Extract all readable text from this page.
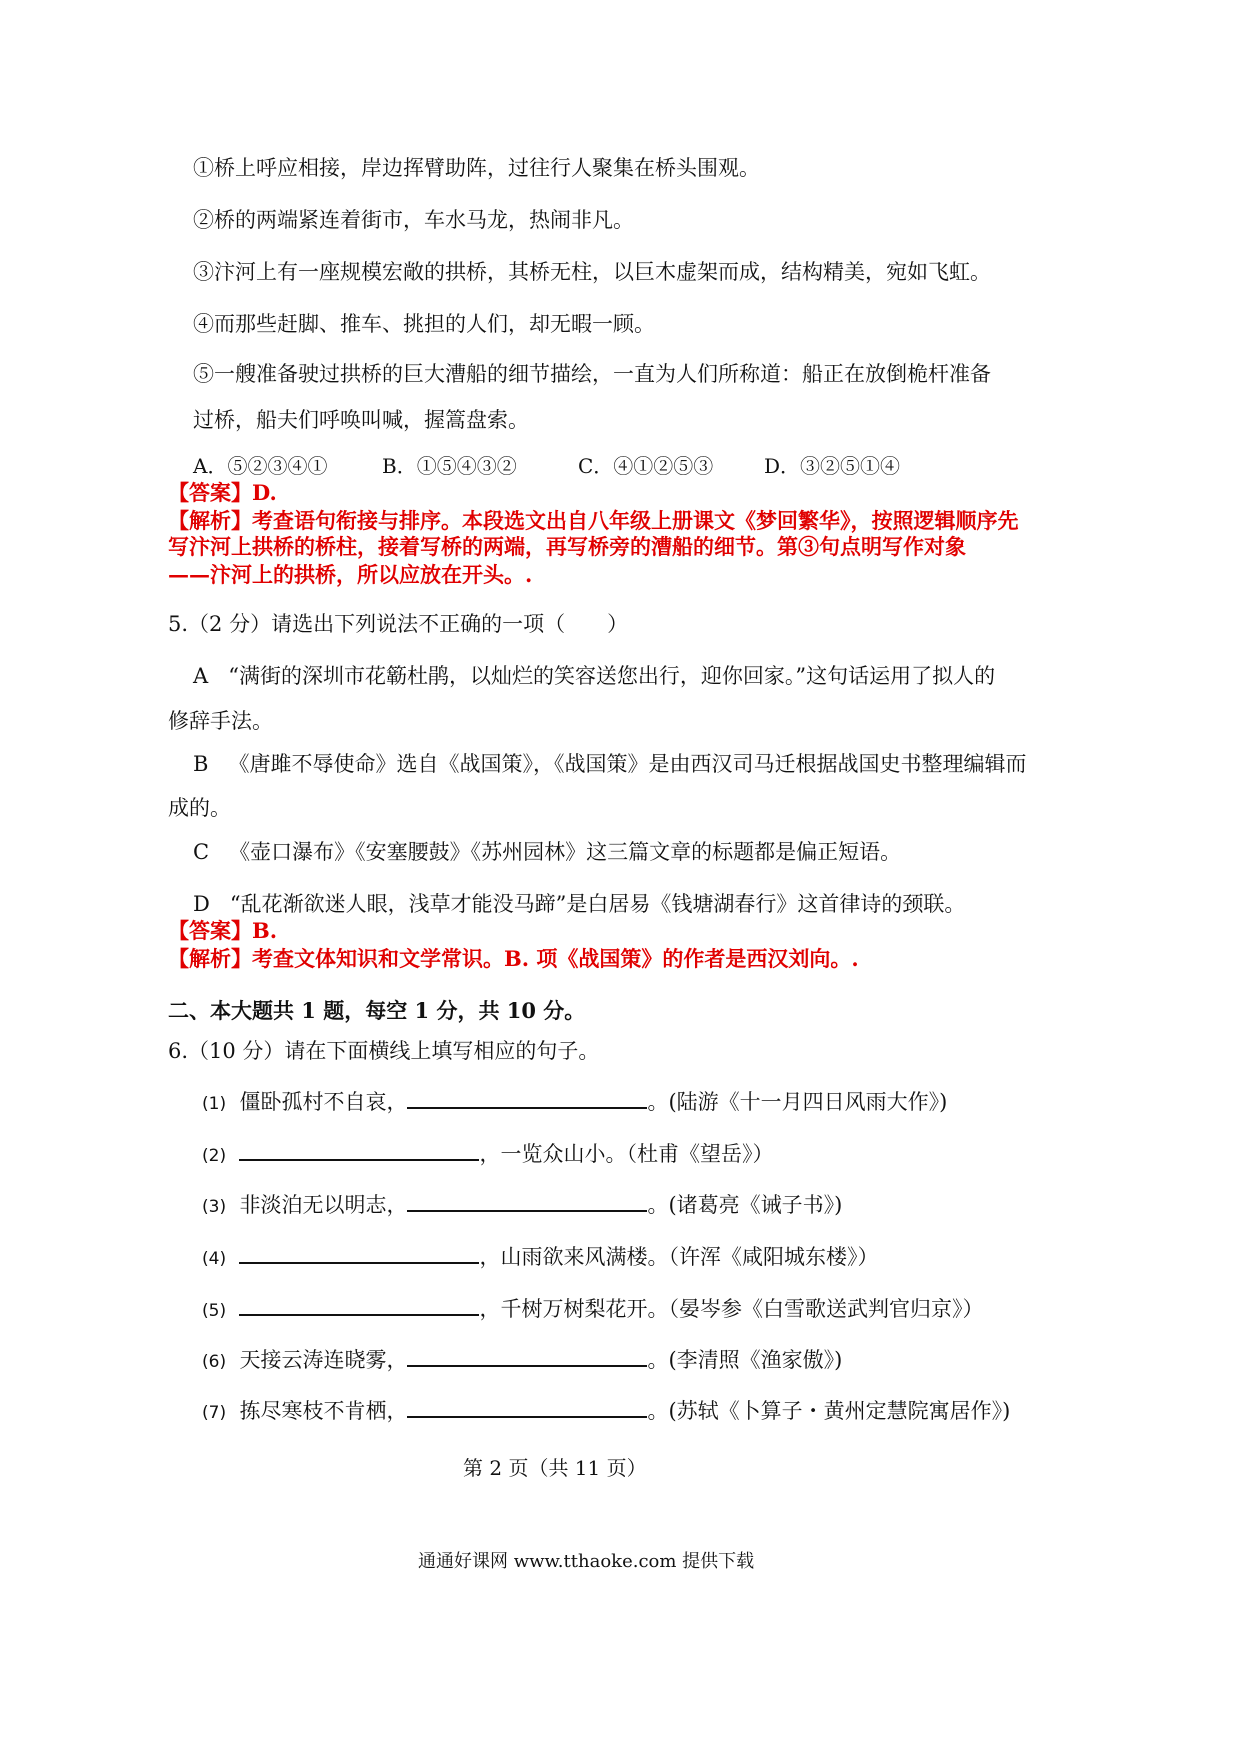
①桥上呼应相接，岸边挥臂助阵，过往行人聚集在桥头围观。
②桥的两端紧连着街市，车水马龙，热闹非凡。
③汴河上有一座规模宏敞的拱桥，其桥无柱，以巨木虚架而成，结构精美，宛如飞虹。
④而那些赶脚、推车、挑担的人们，却无暇一顾。
⑤一艘准备驶过拱桥的巨大漕船的细节描绘，一直为人们所称道：船正在放倒桅杆准备
过桥，船夫们呼唤叫喊，握篙盘索。
A．⑤②③④①	B．①⑤④③②	C．④①②⑤③	D．③②⑤①④
【答案】D.
【解析】考查语句衔接与排序。本段选文出自八年级上册课文《梦回繁华》，按照逻辑顺序先
写汴河上拱桥的桥柱，接着写桥的两端，再写桥旁的漕船的细节。第③句点明写作对象
——汴河上的拱桥，所以应放在开头。.
5.（2 分）请选出下列说法不正确的一项（　　）
A “满街的深圳市花簕杜鹃，以灿烂的笑容送您出行，迎你回家。”这句话运用了拟人的
修辞手法。
B 《唐雎不辱使命》选自《战国策》，《战国策》是由西汉司马迁根据战国史书整理编辑而
成的。
C 《壶口瀑布》《安塞腰鼓》《苏州园林》这三篇文章的标题都是偏正短语。
D “乱花渐欲迷人眼，浅草才能没马蹄”是白居易《钱塘湖春行》这首律诗的颈联。
【答案】B.
【解析】考查文体知识和文学常识。B. 项《战国策》的作者是西汉刘向。.
二、本大题共 1 题，每空 1 分，共 10 分。
6.（10 分）请在下面横线上填写相应的句子。
(1) 僵卧孤村不自哀，	。(陆游《十一月四日风雨大作》)
(2)	，一览众山小。（杜甫《望岳》）
(3) 非淡泊无以明志，	。(诸葛亮《诫子书》)
(4)	，山雨欲来风满楼。（许浑《咸阳城东楼》）
(5)	，千树万树梨花开。（晏岑参《白雪歌送武判官归京》）
(6) 天接云涛连晓雾，	。(李清照《渔家傲》)
(7) 拣尽寒枝不肯栖，	。(苏轼《卜算子・黄州定慧院寓居作》)
第 2 页（共 11 页）
通通好课网 www.tthaoke.com 提供下载
